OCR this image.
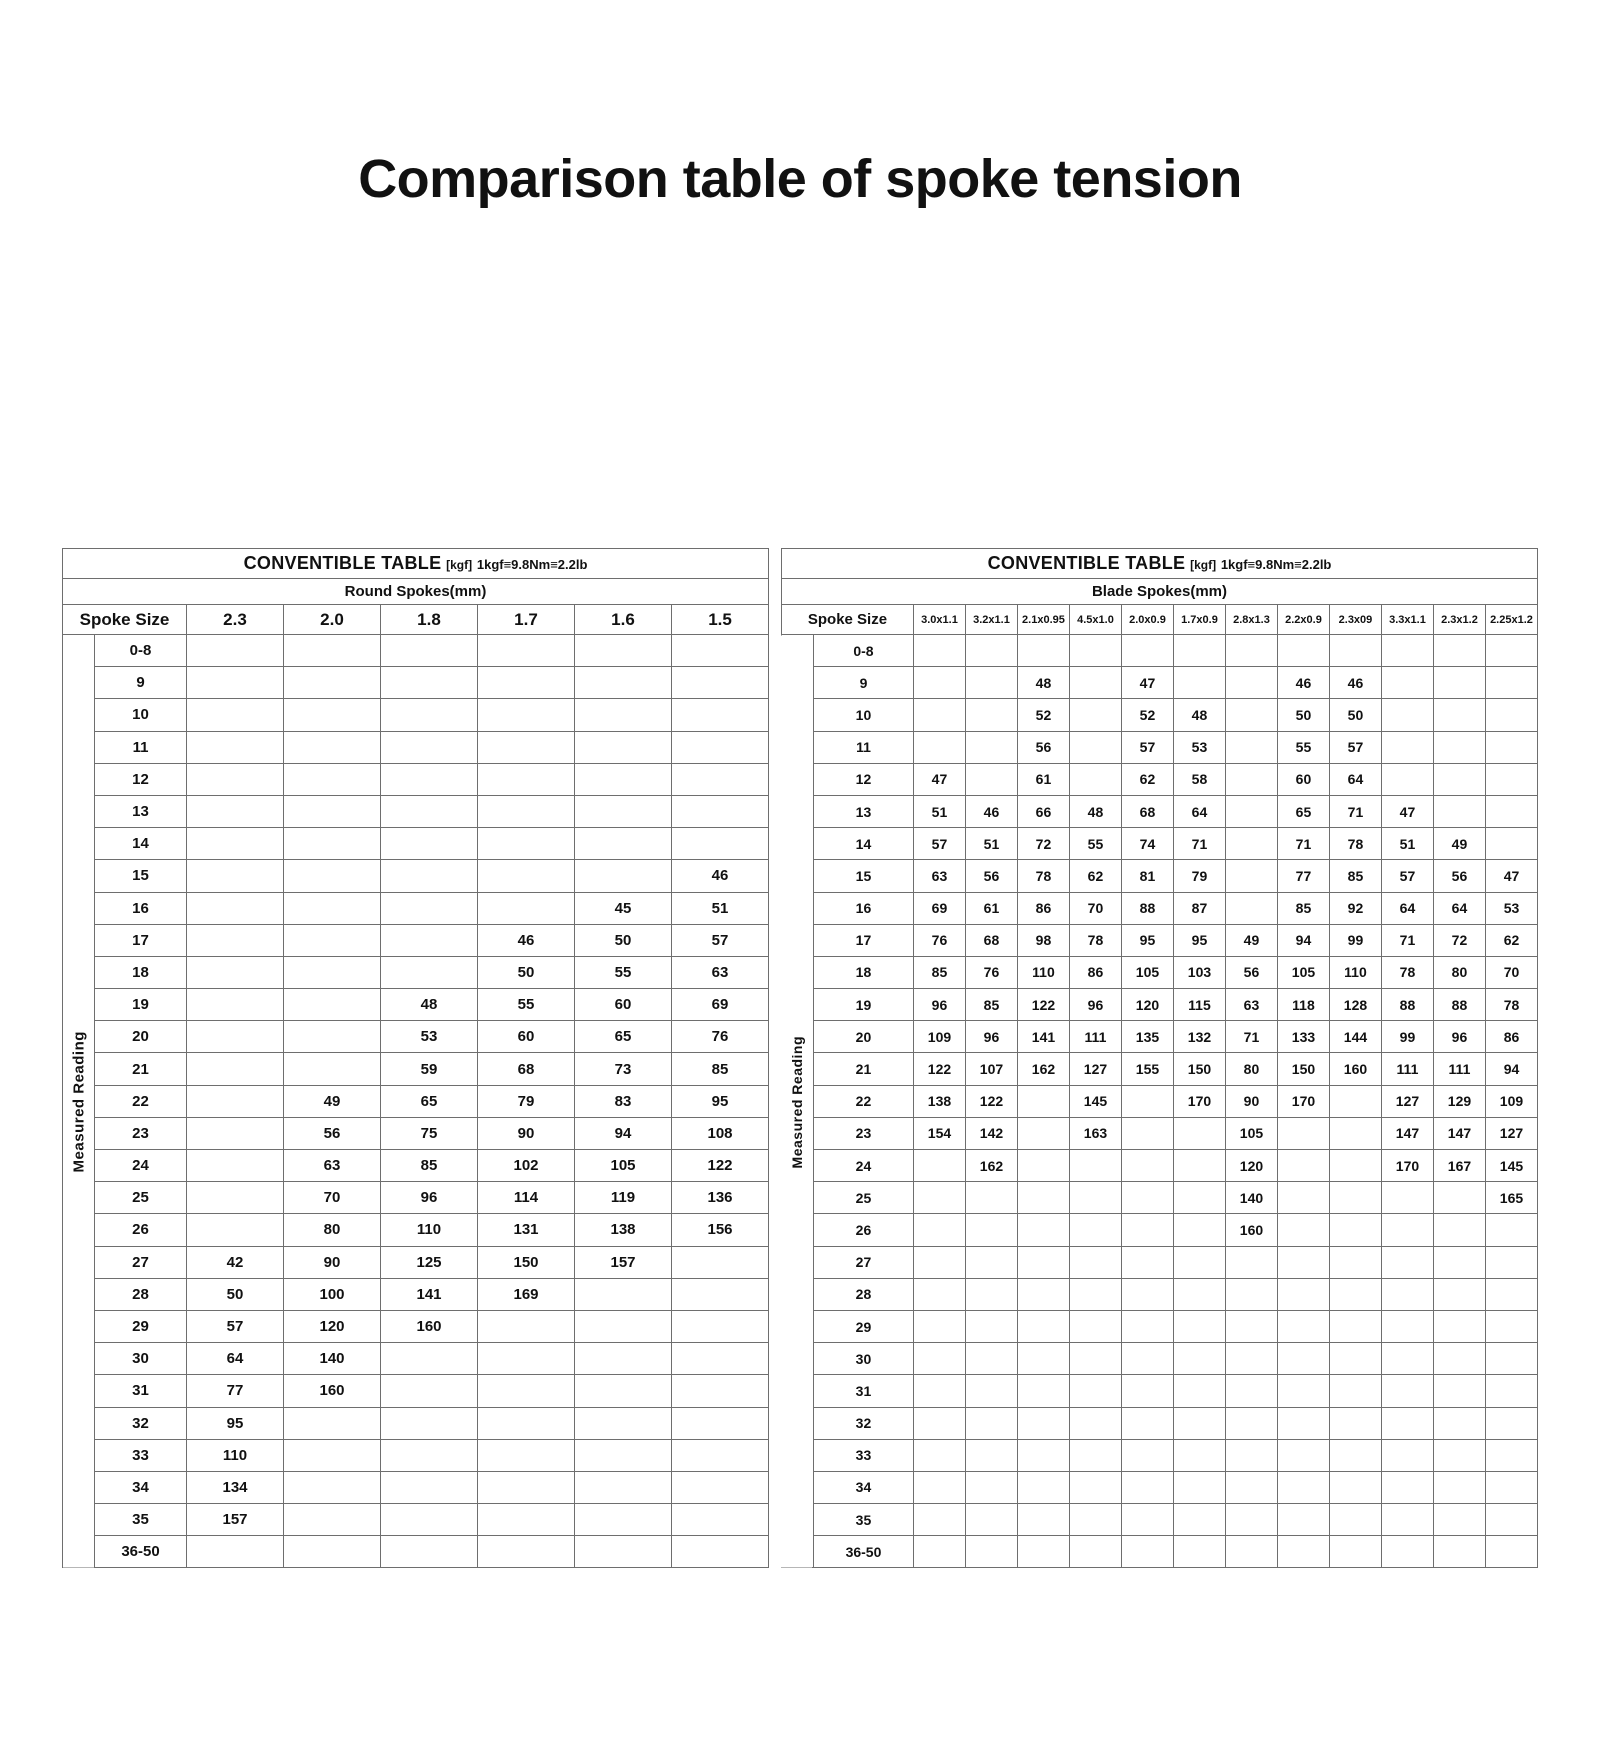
Comparison table of spoke tension
CONVENTIBLE TABLE [kgf] 1kgf≡9.8Nm≡2.2lb							
Round Spokes(mm)							
Spoke Size		2.3	2.0	1.8	1.7	1.6	1.5
Measured Reading	0-8						
	9						
	10						
	11						
	12						
	13						
	14						
	15						46
	16					45	51
	17				46	50	57
	18				50	55	63
	19			48	55	60	69
	20			53	60	65	76
	21			59	68	73	85
	22		49	65	79	83	95
	23		56	75	90	94	108
	24		63	85	102	105	122
	25		70	96	114	119	136
	26		80	110	131	138	156
	27	42	90	125	150	157	
	28	50	100	141	169		
	29	57	120	160			
	30	64	140				
	31	77	160				
	32	95					
	33	110					
	34	134					
	35	157					
	36-50						
CONVENTIBLE TABLE [kgf] 1kgf≡9.8Nm≡2.2lb													
Blade Spokes(mm)													
Spoke Size		3.0x1.1	3.2x1.1	2.1x0.95	4.5x1.0	2.0x0.9	1.7x0.9	2.8x1.3	2.2x0.9	2.3x09	3.3x1.1	2.3x1.2	2.25x1.2
Measured Reading	0-8												
	9			48		47			46	46			
	10			52		52	48		50	50			
	11			56		57	53		55	57			
	12	47		61		62	58		60	64			
	13	51	46	66	48	68	64		65	71	47		
	14	57	51	72	55	74	71		71	78	51	49	
	15	63	56	78	62	81	79		77	85	57	56	47
	16	69	61	86	70	88	87		85	92	64	64	53
	17	76	68	98	78	95	95	49	94	99	71	72	62
	18	85	76	110	86	105	103	56	105	110	78	80	70
	19	96	85	122	96	120	115	63	118	128	88	88	78
	20	109	96	141	111	135	132	71	133	144	99	96	86
	21	122	107	162	127	155	150	80	150	160	111	111	94
	22	138	122		145		170	90	170		127	129	109
	23	154	142		163			105			147	147	127
	24		162					120			170	167	145
	25							140					165
	26							160					
	27												
	28												
	29												
	30												
	31												
	32												
	33												
	34												
	35												
	36-50												
